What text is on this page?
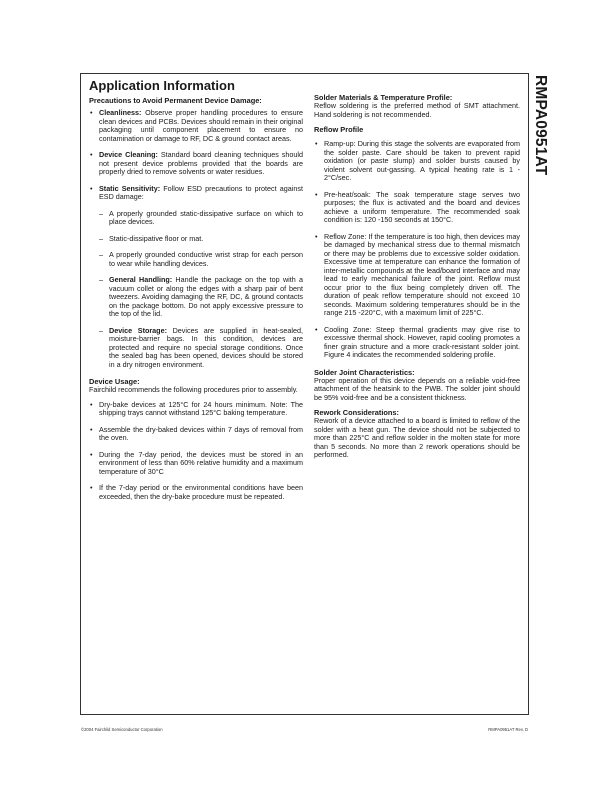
RMPA0951AT
Application Information
Precautions to Avoid Permanent Device Damage:
• Cleanliness: Observe proper handling procedures to ensure clean devices and PCBs. Devices should remain in their original packaging until component placement to ensure no contamination or damage to RF, DC & ground contact areas.
• Device Cleaning: Standard board cleaning techniques should not present device problems provided that the boards are properly dried to remove solvents or water residues.
• Static Sensitivity: Follow ESD precautions to protect against ESD damage:
– A properly grounded static-dissipative surface on which to place devices.
– Static-dissipative floor or mat.
– A properly grounded conductive wrist strap for each person to wear while handling devices.
– General Handling: Handle the package on the top with a vacuum collet or along the edges with a sharp pair of bent tweezers. Avoiding damaging the RF, DC, & ground contacts on the package bottom. Do not apply excessive pressure to the top of the lid.
– Device Storage: Devices are supplied in heat-sealed, moisture-barrier bags. In this condition, devices are protected and require no special storage conditions. Once the sealed bag has been opened, devices should be stored in a dry nitrogen environment.
Device Usage:

Fairchild recommends the following procedures prior to assembly.

• Dry-bake devices at 125°C for 24 hours minimum. Note: The shipping trays cannot withstand 125°C baking temperature.
• Assemble the dry-baked devices within 7 days of removal from the oven.
• During the 7-day period, the devices must be stored in an environment of less than 60% relative humidity and a maximum temperature of 30°C
• If the 7-day period or the environmental conditions have been exceeded, then the dry-bake procedure must be repeated.
Solder Materials & Temperature Profile:

Reflow soldering is the preferred method of SMT attachment. Hand soldering is not recommended.

Reflow Profile
• Ramp-up: During this stage the solvents are evaporated from the solder paste. Care should be taken to prevent rapid oxidation (or paste slump) and solder bursts caused by violent solvent out-gassing. A typical heating rate is 1 - 2°C/sec.
• Pre-heat/soak: The soak temperature stage serves two purposes; the flux is activated and the board and devices achieve a uniform temperature. The recommended soak condition is: 120 -150 seconds at 150°C.
• Reflow Zone: If the temperature is too high, then devices may be damaged by mechanical stress due to thermal mismatch or there may be problems due to excessive solder oxidation. Excessive time at temperature can enhance the formation of inter-metallic compounds at the lead/board interface and may lead to early mechanical failure of the joint. Reflow must occur prior to the flux being completely driven off. The duration of peak reflow temperature should not exceed 10 seconds. Maximum soldering temperatures should be in the range 215 -220°C, with a maximum limit of 225°C.
• Cooling Zone: Steep thermal gradients may give rise to excessive thermal shock. However, rapid cooling promotes a finer grain structure and a more crack-resistant solder joint. Figure 4 indicates the recommended soldering profile.
Solder Joint Characteristics:

Proper operation of this device depends on a reliable void-free attachment of the heatsink to the PWB. The solder joint should be 95% void-free and be a consistent thickness.

Rework Considerations:

Rework of a device attached to a board is limited to reflow of the solder with a heat gun. The device should not be subjected to more than 225°C and reflow solder in the molten state for more than 5 seconds. No more than 2 rework operations should be performed.

©2004 Fairchild Semiconductor Corporation	RMPA0951AT Rev. D
